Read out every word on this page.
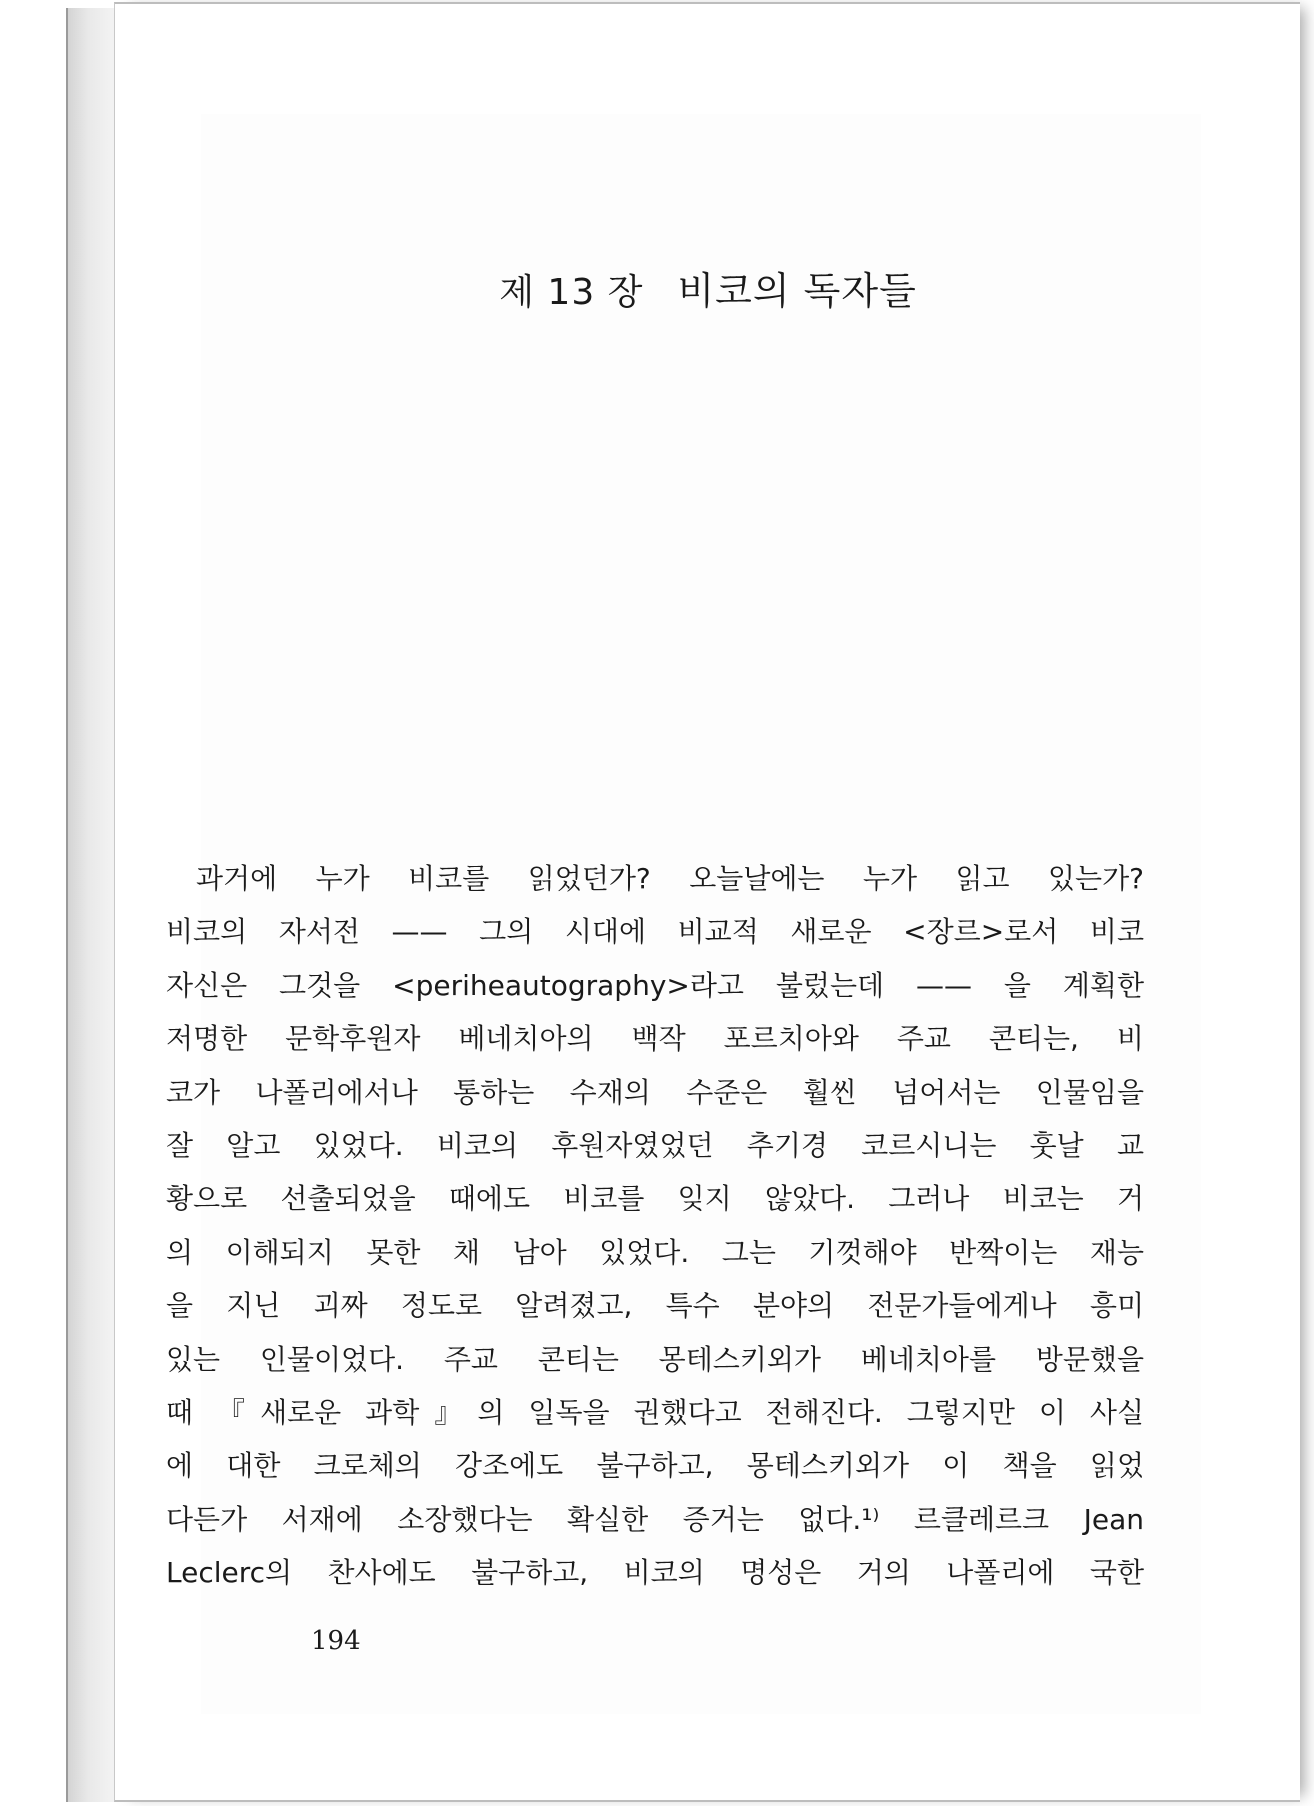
제 13 장 비코의 독자들
194
과거에 누가 비코를 읽었던가? 오늘날에는 누가 읽고 있는가?
비코의 자서전 —— 그의 시대에 비교적 새로운 <장르>로서 비코
자신은 그것을 <periheautography>라고 불렀는데 —— 을 계획한
저명한 문학후원자 베네치아의 백작 포르치아와 주교 콘티는, 비
코가 나폴리에서나 통하는 수재의 수준은 훨씬 넘어서는 인물임을
잘 알고 있었다. 비코의 후원자였었던 추기경 코르시니는 훗날 교
황으로 선출되었을 때에도 비코를 잊지 않았다. 그러나 비코는 거
의 이해되지 못한 채 남아 있었다. 그는 기껏해야 반짝이는 재능
을 지닌 괴짜 정도로 알려졌고, 특수 분야의 전문가들에게나 흥미
있는 인물이었다. 주교 콘티는 몽테스키외가 베네치아를 방문했을
때 『새로운 과학』의 일독을 권했다고 전해진다. 그렇지만 이 사실
에 대한 크로체의 강조에도 불구하고, 몽테스키외가 이 책을 읽었
다든가 서재에 소장했다는 확실한 증거는 없다.¹⁾ 르클레르크 Jean
Leclerc의 찬사에도 불구하고, 비코의 명성은 거의 나폴리에 국한
